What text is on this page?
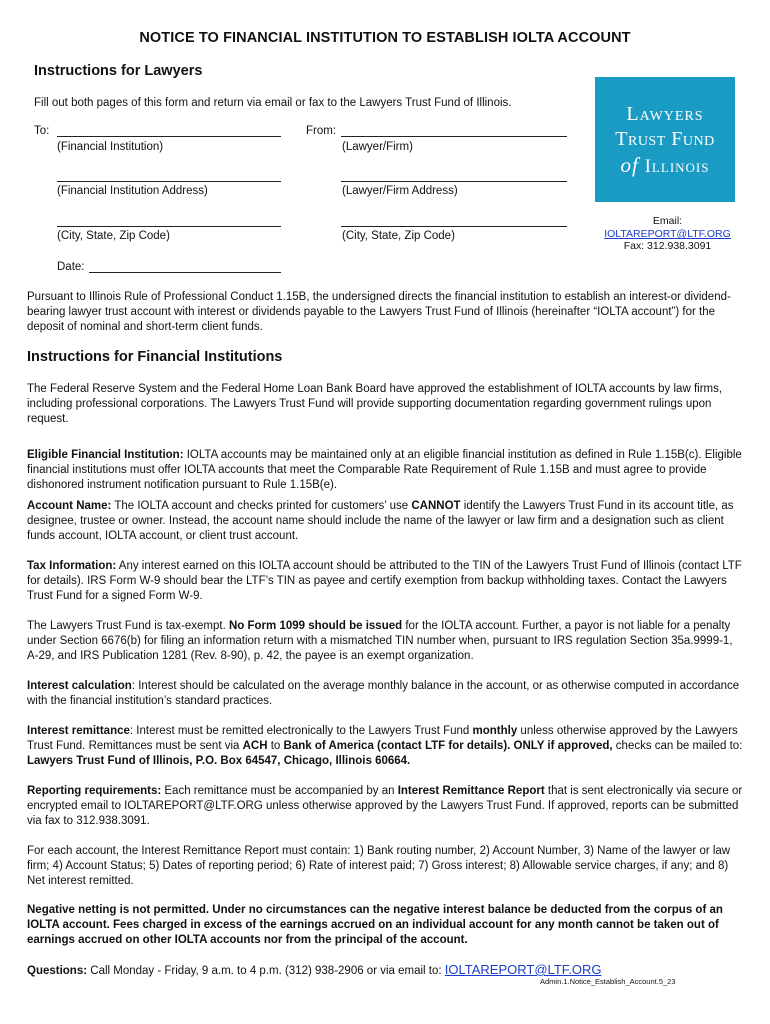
NOTICE TO FINANCIAL INSTITUTION TO ESTABLISH IOLTA ACCOUNT
Instructions for Lawyers
Fill out both pages of this form and return via email or fax to the Lawyers Trust Fund of Illinois.
To:
(Financial Institution)
From:
(Lawyer/Firm)
(Financial Institution Address)	(Lawyer/Firm Address)
(City, State, Zip Code)	(City, State, Zip Code)
Date:
Lawyers
Trust Fund
of Illinois
Email:
IOLTAREPORT@LTF.ORG
Fax: 312.938.3091
Pursuant to Illinois Rule of Professional Conduct 1.15B, the undersigned directs the financial institution to establish an interest-or dividend-bearing lawyer trust account with interest or dividends payable to the Lawyers Trust Fund of Illinois (hereinafter “IOLTA account”) for the deposit of nominal and short-term client funds.
Instructions for Financial Institutions
The Federal Reserve System and the Federal Home Loan Bank Board have approved the establishment of IOLTA accounts by law firms, including professional corporations. The Lawyers Trust Fund will provide supporting documentation regarding government rulings upon request.
Eligible Financial Institution: IOLTA accounts may be maintained only at an eligible financial institution as defined in Rule 1.15B(c). Eligible financial institutions must offer IOLTA accounts that meet the Comparable Rate Requirement of Rule 1.15B and must agree to provide dishonored instrument notification pursuant to Rule 1.15B(e).
Account Name: The IOLTA account and checks printed for customers’ use CANNOT identify the Lawyers Trust Fund in its account title, as designee, trustee or owner. Instead, the account name should include the name of the lawyer or law firm and a designation such as client funds account, IOLTA account, or client trust account.
Tax Information: Any interest earned on this IOLTA account should be attributed to the TIN of the Lawyers Trust Fund of Illinois (contact LTF for details). IRS Form W-9 should bear the LTF’s TIN as payee and certify exemption from backup withholding taxes. Contact the Lawyers Trust Fund for a signed Form W-9.
The Lawyers Trust Fund is tax-exempt. No Form 1099 should be issued for the IOLTA account. Further, a payor is not liable for a penalty under Section 6676(b) for filing an information return with a mismatched TIN number when, pursuant to IRS regulation Section 35a.9999-1, A-29, and IRS Publication 1281 (Rev. 8-90), p. 42, the payee is an exempt organization.
Interest calculation: Interest should be calculated on the average monthly balance in the account, or as otherwise computed in accordance with the financial institution’s standard practices.
Interest remittance: Interest must be remitted electronically to the Lawyers Trust Fund monthly unless otherwise approved by the Lawyers Trust Fund. Remittances must be sent via ACH to Bank of America (contact LTF for details). ONLY if approved, checks can be mailed to: Lawyers Trust Fund of Illinois, P.O. Box 64547, Chicago, Illinois 60664.
Reporting requirements: Each remittance must be accompanied by an Interest Remittance Report that is sent electronically via secure or encrypted email to IOLTAREPORT@LTF.ORG unless otherwise approved by the Lawyers Trust Fund. If approved, reports can be submitted via fax to 312.938.3091.
For each account, the Interest Remittance Report must contain: 1) Bank routing number, 2) Account Number, 3) Name of the lawyer or law firm; 4) Account Status; 5) Dates of reporting period; 6) Rate of interest paid; 7) Gross interest; 8) Allowable service charges, if any; and 8) Net interest remitted.
Negative netting is not permitted. Under no circumstances can the negative interest balance be deducted from the corpus of an IOLTA account. Fees charged in excess of the earnings accrued on an individual account for any month cannot be taken out of earnings accrued on other IOLTA accounts nor from the principal of the account.
Questions: Call Monday - Friday, 9 a.m. to 4 p.m. (312) 938-2906 or via email to: IOLTAREPORT@LTF.ORG
Admin.1.Notice_Establish_Account.5_23
